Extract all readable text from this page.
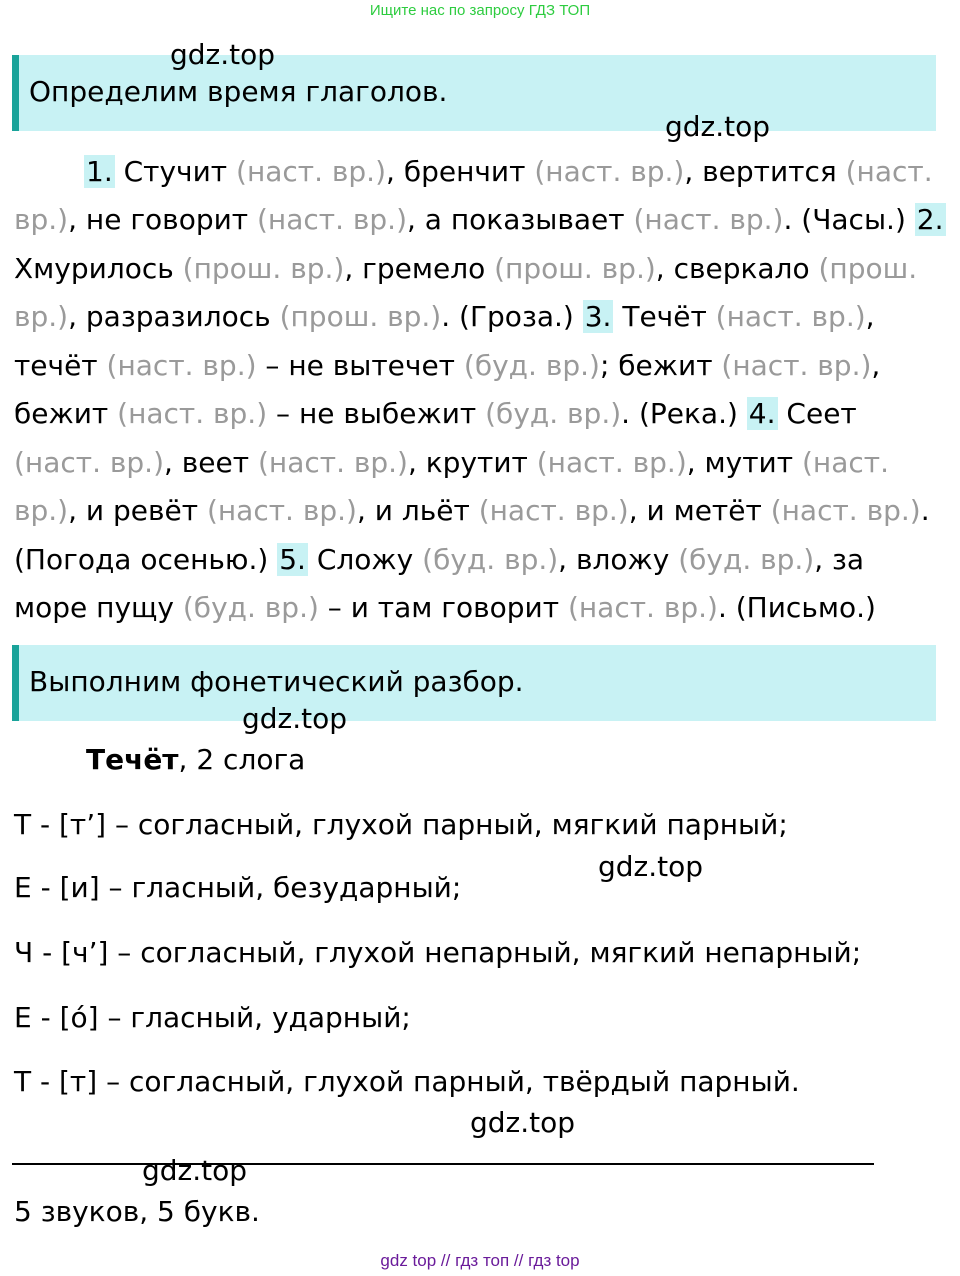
Ищите нас по запросу ГДЗ ТОП
Определим время глаголов.
gdz.top
gdz.top
1. Стучит (наст. вр.), бренчит (наст. вр.), вертится (наст.
вр.), не говорит (наст. вр.), а показывает (наст. вр.). (Часы.) 2.
Хмурилось (прош. вр.), гремело (прош. вр.), сверкало (прош.
вр.), разразилось (прош. вр.). (Гроза.) 3. Течёт (наст. вр.),
течёт (наст. вр.) – не вытечет (буд. вр.); бежит (наст. вр.),
бежит (наст. вр.) – не выбежит (буд. вр.). (Река.) 4. Сеет
(наст. вр.), веет (наст. вр.), крутит (наст. вр.), мутит (наст.
вр.), и ревёт (наст. вр.), и льёт (наст. вр.), и метёт (наст. вр.).
(Погода осенью.) 5. Сложу (буд. вр.), вложу (буд. вр.), за
море пущу (буд. вр.) – и там говорит (наст. вр.). (Письмо.)
Выполним фонетический разбор.
gdz.top
Течёт, 2 слога
Т - [т’] – согласный, глухой парный, мягкий парный;
Е - [и] – гласный, безударный;
gdz.top
Ч - [ч’] – согласный, глухой непарный, мягкий непарный;
Е - [о́] – гласный, ударный;
Т - [т] – согласный, глухой парный, твёрдый парный.
gdz.top
gdz.top
5 звуков, 5 букв.
gdz top // гдз топ // гдз top
